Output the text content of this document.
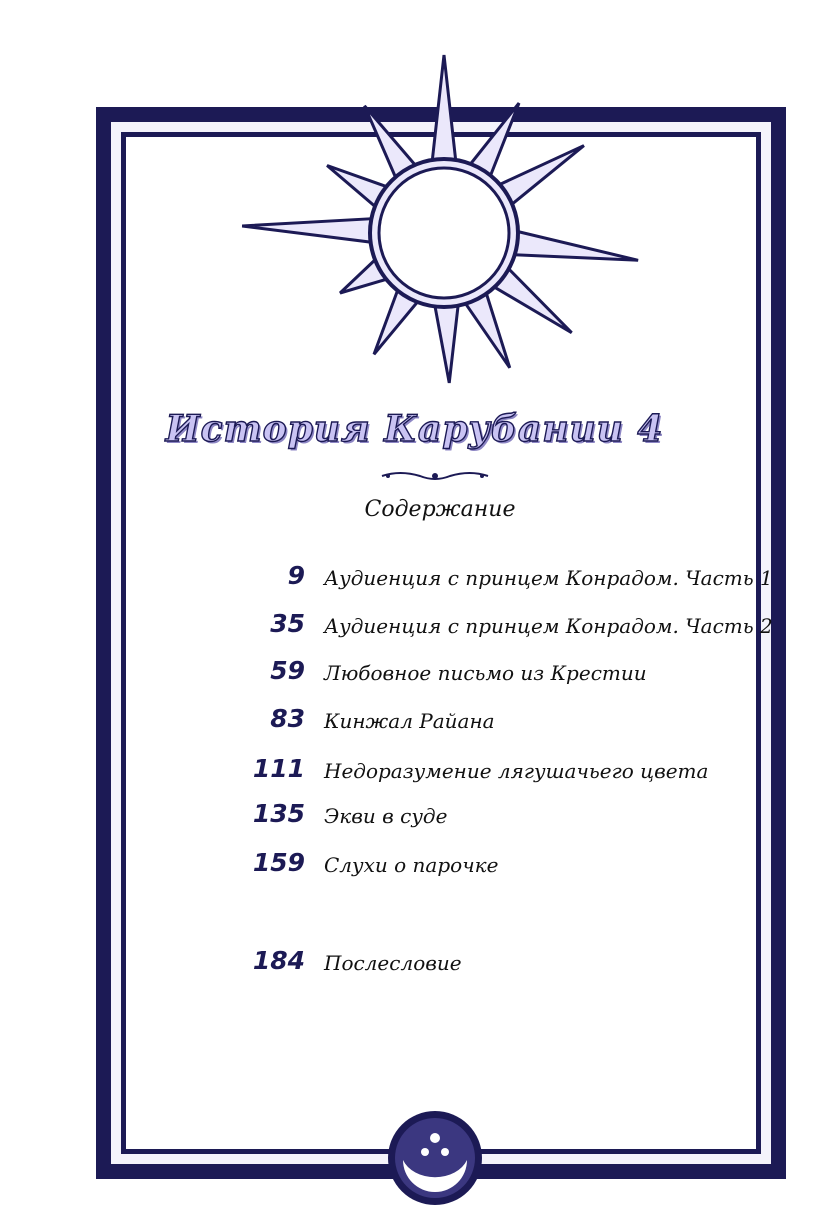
История Карубании 4
Содержание
9 Аудиенция с принцем Конрадом. Часть 1
35 Аудиенция с принцем Конрадом. Часть 2
59 Любовное письмо из Крестии
83 Кинжал Райана
111 Недоразумение лягушачьего цвета
135 Экви в суде
159 Слухи о парочке
184 Послесловие
